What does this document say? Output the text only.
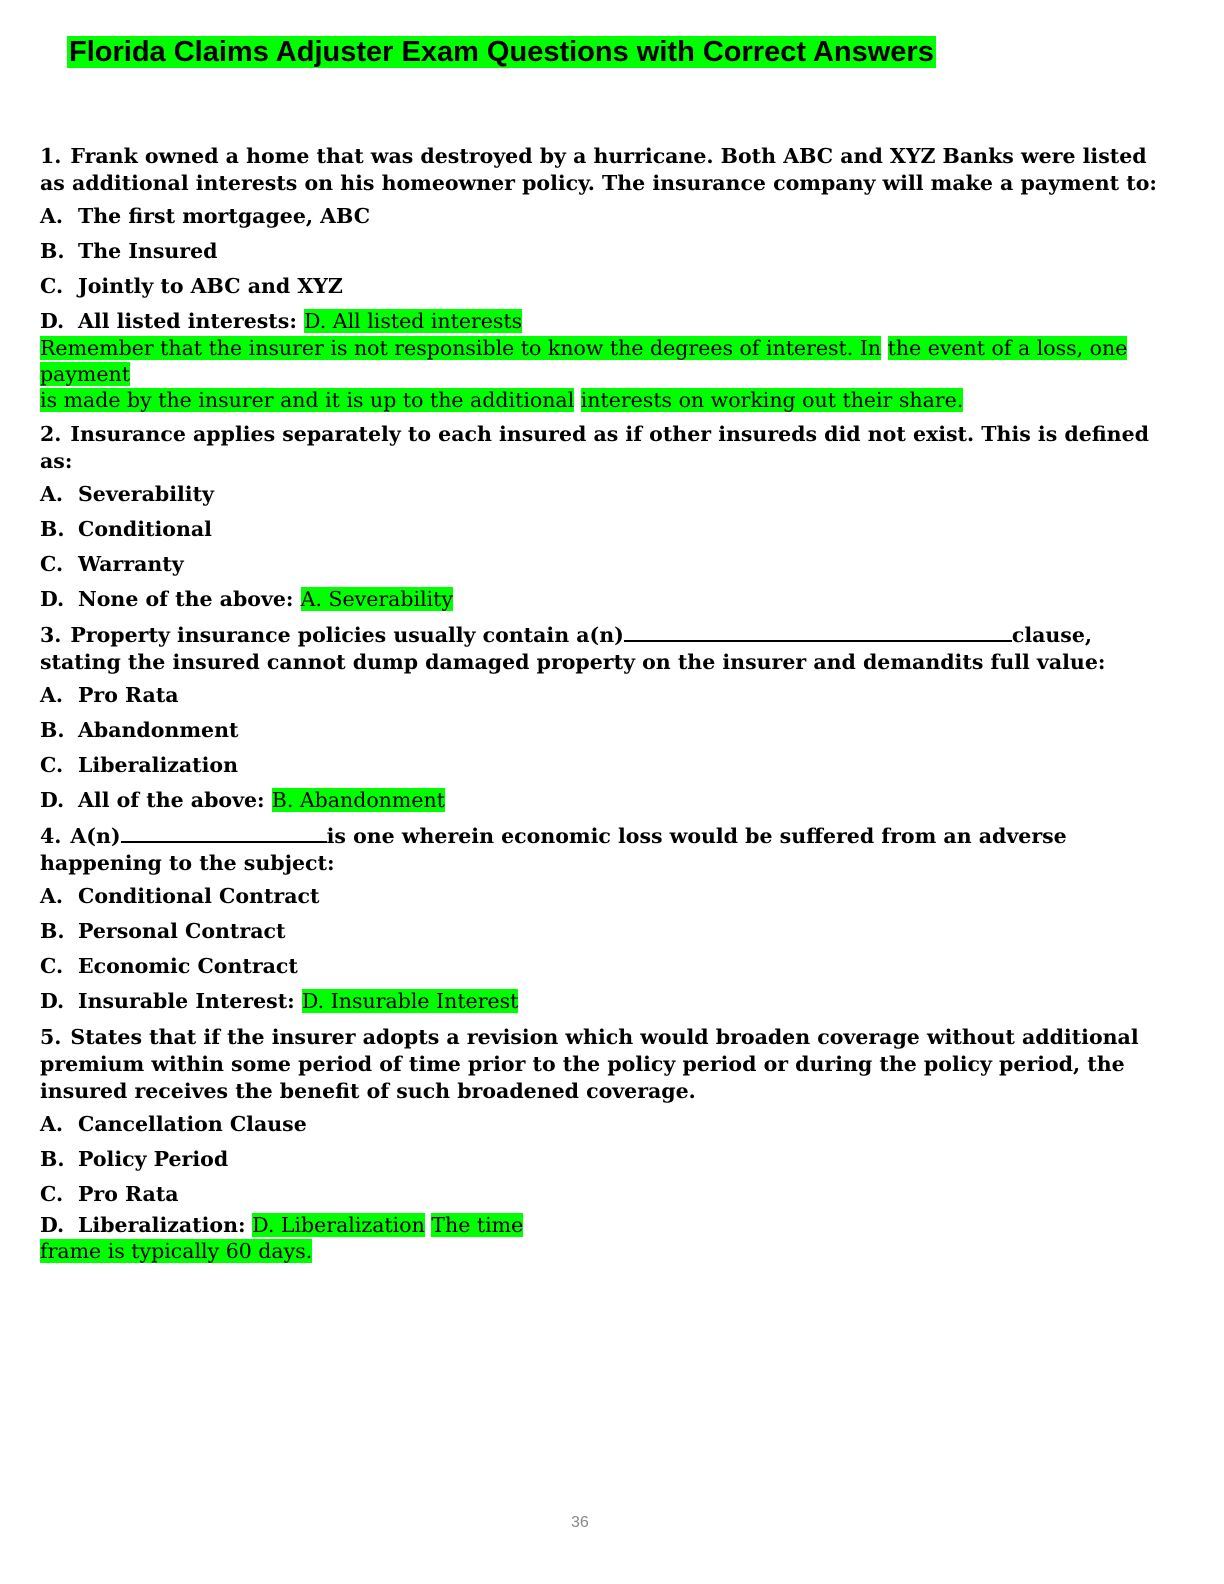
Florida Claims Adjuster Exam Questions with Correct Answers

1. Frank owned a home that was destroyed by a hurricane. Both ABC and XYZ Banks were listed as additional interests on his homeowner policy. The insurance company will make a payment to:

A. The first mortgagee, ABC
B. The Insured
C. Jointly to ABC and XYZ
D. All listed interests: D. All listed interests
Remember that the insurer is not responsible to know the degrees of interest. In the event of a loss, one payment
is made by the insurer and it is up to the additional interests on working out their share.

2. Insurance applies separately to each insured as if other insureds did not exist. This is defined as:

A. Severability
B. Conditional
C. Warranty
D. None of the above: A. Severability

3. Property insurance policies usually contain a(n)	clause, stating the insured cannot dump damaged property on the insurer and demandits full value:

A. Pro Rata
B. Abandonment
C. Liberalization
D. All of the above: B. Abandonment

4. A(n)	is one wherein economic loss would be suffered from an adverse happening to the subject:

A. Conditional Contract
B. Personal Contract
C. Economic Contract
D. Insurable Interest: D. Insurable Interest

5. States that if the insurer adopts a revision which would broaden coverage without additional premium within some period of time prior to the policy period or during the policy period, the insured receives the benefit of such broadened coverage.

A. Cancellation Clause
B. Policy Period
C. Pro Rata
D. Liberalization: D. Liberalization The time
frame is typically 60 days.
36
